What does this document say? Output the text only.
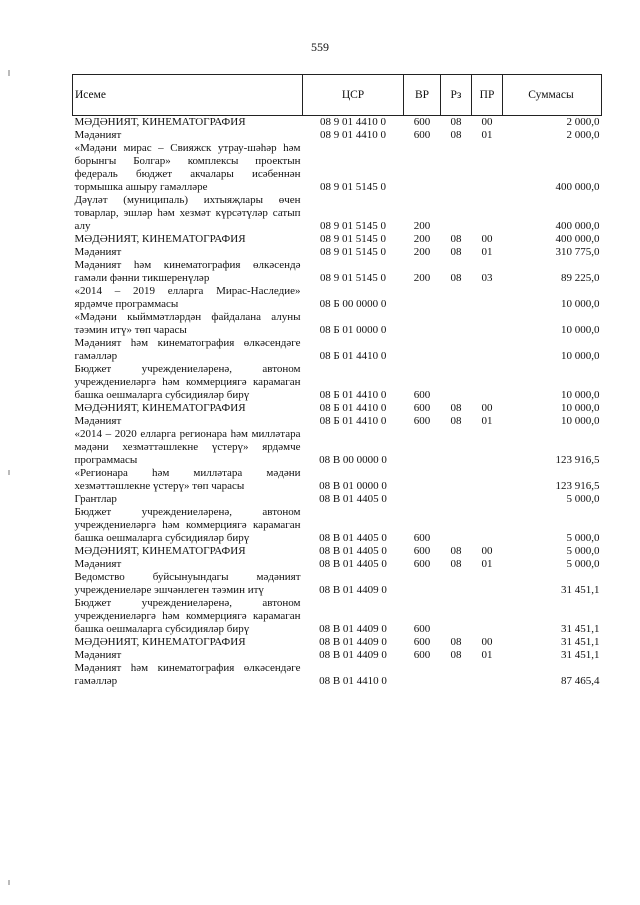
559
Исеме	ЦСР	ВР	Рз	ПР	Суммасы
МӘДӘНИЯТ, КИНЕМАТОГРАФИЯ	08 9 01 4410 0	600	08	00	2 000,0
Мәдәният	08 9 01 4410 0	600	08	01	2 000,0
«Мәдәни мирас – Свияжск утрау-шәһәр һәм борынгы Болгар» комплексы проектын федераль бюджет акчалары исәбеннән тормышка ашыру гамәлләре	08 9 01 5145 0				400 000,0
Дәүләт (муниципаль) ихтыяҗлары өчен товарлар, эшләр һәм хезмәт күрсәтүләр сатып алу	08 9 01 5145 0	200			400 000,0
МӘДӘНИЯТ, КИНЕМАТОГРАФИЯ	08 9 01 5145 0	200	08	00	400 000,0
Мәдәният	08 9 01 5145 0	200	08	01	310 775,0
Мәдәният һәм кинематография өлкәсендә гамәли фәнни тикшеренүләр	08 9 01 5145 0	200	08	03	89 225,0
«2014 – 2019 елларга Мирас-Наследие» ярдәмче программасы	08 Б 00 0000 0				10 000,0
«Мәдәни кыйммәтләрдән файдалана алуны тәэмин итү» төп чарасы	08 Б 01 0000 0				10 000,0
Мәдәният һәм кинематография өлкәсендәге гамәлләр	08 Б 01 4410 0				10 000,0
Бюджет учреждениеләренә, автоном учреждениеләргә һәм коммерциягә карамаган башка оешмаларга субсидияләр бирү	08 Б 01 4410 0	600			10 000,0
МӘДӘНИЯТ, КИНЕМАТОГРАФИЯ	08 Б 01 4410 0	600	08	00	10 000,0
Мәдәният	08 Б 01 4410 0	600	08	01	10 000,0
«2014 – 2020 елларга регионара һәм милләтара мәдәни хезмәттәшлекне үстерү» ярдәмче программасы	08 В 00 0000 0				123 916,5
«Регионара һәм милләтара мәдәни хезмәттәшлекне үстерү» төп чарасы	08 В 01 0000 0				123 916,5
Грантлар	08 В 01 4405 0				5 000,0
Бюджет учреждениеләренә, автоном учреждениеләргә һәм коммерциягә карамаган башка оешмаларга субсидияләр бирү	08 В 01 4405 0	600			5 000,0
МӘДӘНИЯТ, КИНЕМАТОГРАФИЯ	08 В 01 4405 0	600	08	00	5 000,0
Мәдәният	08 В 01 4405 0	600	08	01	5 000,0
Ведомство буйсынуындагы мәдәният учреждениеләре эшчәнлеген тәэмин итү	08 В 01 4409 0				31 451,1
Бюджет учреждениеләренә, автоном учреждениеләргә һәм коммерциягә карамаган башка оешмаларга субсидияләр бирү	08 В 01 4409 0	600			31 451,1
МӘДӘНИЯТ, КИНЕМАТОГРАФИЯ	08 В 01 4409 0	600	08	00	31 451,1
Мәдәният	08 В 01 4409 0	600	08	01	31 451,1
Мәдәният һәм кинематография өлкәсендәге гамәлләр	08 В 01 4410 0				87 465,4
